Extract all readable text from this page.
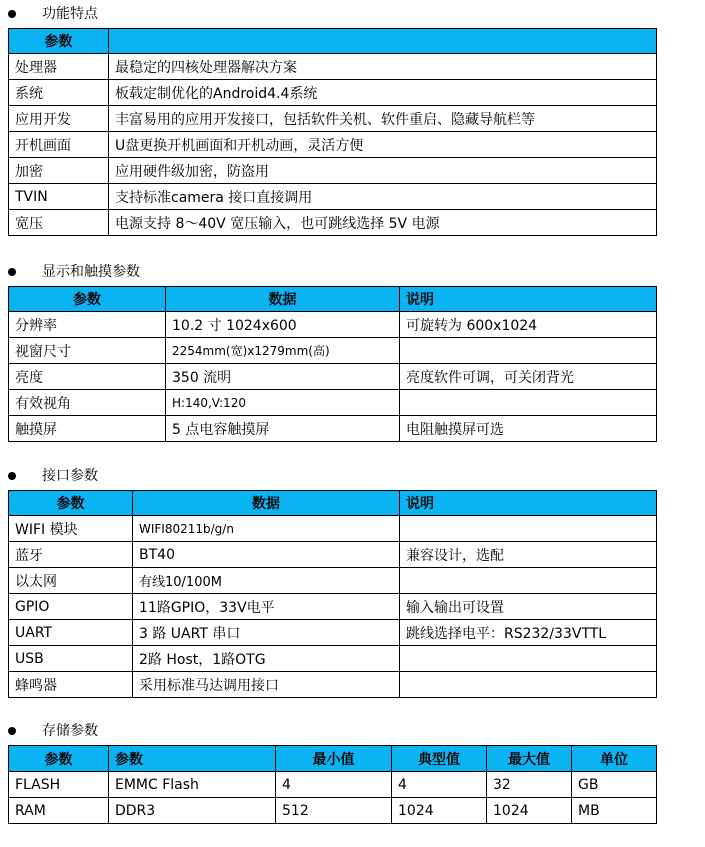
功能特点
参数	
处理器	最稳定的四核处理器解决方案
系统	板载定制优化的Android4.4系统
应用开发	丰富易用的应用开发接口，包括软件关机、软件重启、隐藏导航栏等
开机画面	U盘更换开机画面和开机动画，灵活方便
加密	应用硬件级加密，防盗用
TVIN	支持标准camera 接口直接调用
宽压	电源支持 8～40V 宽压输入，也可跳线选择 5V 电源
显示和触摸参数
参数	数据	说明
分辨率	10.2 寸 1024x600	可旋转为 600x1024
视窗尺寸	2254mm(宽)x1279mm(高)	
亮度	350 流明	亮度软件可调，可关闭背光
有效视角	H:140,V:120	
触摸屏	5 点电容触摸屏	电阻触摸屏可选
接口参数
参数	数据	说明
WIFI 模块	WIFI80211b/g/n	
蓝牙	BT40	兼容设计，选配
以太网	有线10/100M	
GPIO	11路GPIO，33V电平	输入输出可设置
UART	3 路 UART 串口	跳线选择电平：RS232/33VTTL
USB	2路 Host，1路OTG	
蜂鸣器	采用标准马达调用接口	
存储参数
参数	参数	最小值	典型值	最大值	单位
FLASH	EMMC Flash	4	4	32	GB
RAM	DDR3	512	1024	1024	MB
